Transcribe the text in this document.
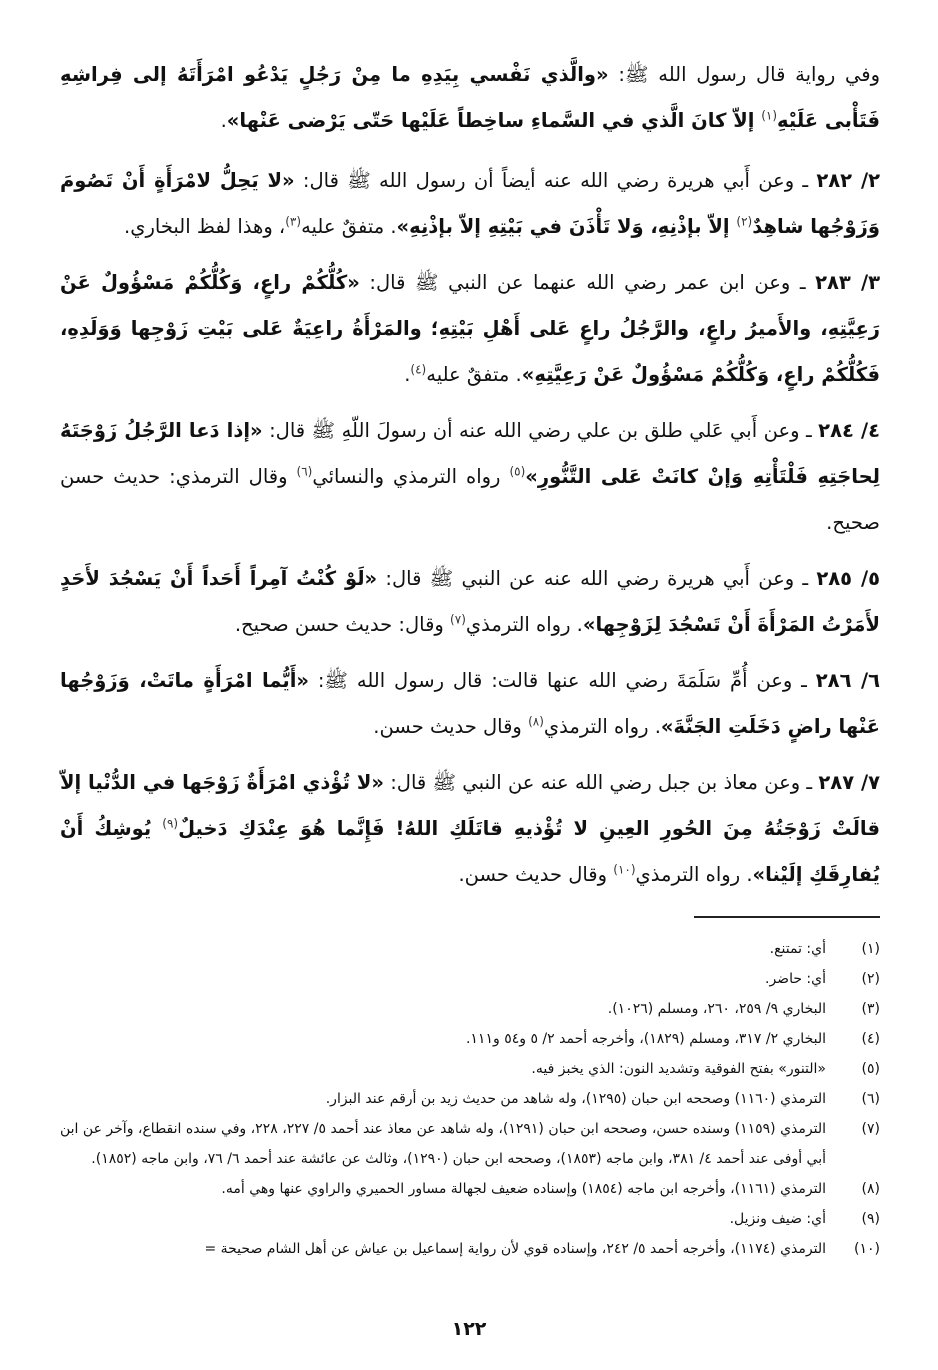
وفي رواية قال رسول الله ﷺ: «والَّذي نَفْسي بِيَدِهِ ما مِنْ رَجُلٍ يَدْعُو امْرَأَتَهُ إلى فِراشِهِ فَتَأْبى عَلَيْهِ$^{(١)}$ إلاّ كانَ الَّذي في السَّماءِ ساخِطاً عَلَيْها حَتّى يَرْضى عَنْها».

٢/ ٢٨٢ ـ وعن أَبي هريرة رضي الله عنه أيضاً أن رسول الله ﷺ قال: «لا يَحِلُّ لامْرَأَةٍ أَنْ تَصُومَ وَزَوْجُها شاهِدٌ$^{(٢)}$ إلاّ بإذْنِهِ، وَلا تَأْذَنَ في بَيْتِهِ إلاّ بإذْنِهِ». متفقٌ عليه$^{(٣)}$، وهذا لفظ البخاري.

٣/ ٢٨٣ ـ وعن ابن عمر رضي الله عنهما عن النبي ﷺ قال: «كُلُّكُمْ راعٍ، وَكُلُّكُمْ مَسْؤُولٌ عَنْ رَعِيَّتِهِ، والأَميرُ راعٍ، والرَّجُلُ راعٍ عَلى أَهْلِ بَيْتِهِ؛ والمَرْأَةُ راعِيَةٌ عَلى بَيْتِ زَوْجِها وَوَلَدِهِ، فَكُلُّكُمْ راعٍ، وَكُلُّكُمْ مَسْؤُولٌ عَنْ رَعِيَّتِهِ». متفقٌ عليه$^{(٤)}$.

٤/ ٢٨٤ ـ وعن أَبي عَلي طلق بن علي رضي الله عنه أن رسولَ اللّهِ ﷺ قال: «إذا دَعا الرَّجُلُ زَوْجَتَهُ لِحاجَتِهِ فَلْتَأْتِهِ وَإنْ كانَتْ عَلى التَّنُّورِ»$^{(٥)}$ رواه الترمذي والنسائي$^{(٦)}$ وقال الترمذي: حديث حسن صحيح.

٥/ ٢٨٥ ـ وعن أَبي هريرة رضي الله عنه عن النبي ﷺ قال: «لَوْ كُنْتُ آمِراً أَحَداً أَنْ يَسْجُدَ لأَحَدٍ لأَمَرْتُ المَرْأَةَ أَنْ تَسْجُدَ لِزَوْجِها». رواه الترمذي$^{(٧)}$ وقال: حديث حسن صحيح.

٦/ ٢٨٦ ـ وعن أُمِّ سَلَمَةَ رضي الله عنها قالت: قال رسول الله ﷺ: «أَيُّما امْرَأَةٍ ماتَتْ، وَزَوْجُها عَنْها راضٍ دَخَلَتِ الجَنَّةَ». رواه الترمذي$^{(٨)}$ وقال حديث حسن.

٧/ ٢٨٧ ـ وعن معاذ بن جبل رضي الله عنه عن النبي ﷺ قال: «لا تُؤْذي امْرَأَةٌ زَوْجَها في الدُّنْيا إلاّ قالَتْ زَوْجَتُهُ مِنَ الحُورِ العِينِ لا تُؤْذيهِ قاتَلَكِ اللهُ! فَإِنَّما هُوَ عِنْدَكِ دَخيلٌ$^{(٩)}$ يُوشِكُ أَنْ يُفارِقَكِ إلَيْنا». رواه الترمذي$^{(١٠)}$ وقال حديث حسن.

(١)
أي: تمتنع.
(٢)
أي: حاضر.
(٣)
البخاري ٩/ ٢٥٩، ٢٦٠، ومسلم (١٠٢٦).
(٤)
البخاري ٢/ ٣١٧، ومسلم (١٨٢٩)، وأخرجه أحمد ٢/ ٥ و٥٤ و١١١.
(٥)
«التنور» بفتح الفوقية وتشديد النون: الذي يخبز فيه.
(٦)
الترمذي (١١٦٠) وصححه ابن حبان (١٢٩٥)، وله شاهد من حديث زيد بن أرقم عند البزار.
(٧)
الترمذي (١١٥٩) وسنده حسن، وصححه ابن حبان (١٢٩١)، وله شاهد عن معاذ عند أحمد ٥/ ٢٢٧، ٢٢٨، وفي سنده انقطاع، وآخر عن ابن أبي أوفى عند أحمد ٤/ ٣٨١، وابن ماجه (١٨٥٣)، وصححه ابن حبان (١٢٩٠)، وثالث عن عائشة عند أحمد ٦/ ٧٦، وابن ماجه (١٨٥٢).
(٨)
الترمذي (١١٦١)، وأخرجه ابن ماجه (١٨٥٤) وإسناده ضعيف لجهالة مساور الحميري والراوي عنها وهي أمه.
(٩)
أي: ضيف ونزيل.
(١٠)
الترمذي (١١٧٤)، وأخرجه أحمد ٥/ ٢٤٢، وإسناده قوي لأن رواية إسماعيل بن عياش عن أهل الشام صحيحة =
١٢٢
